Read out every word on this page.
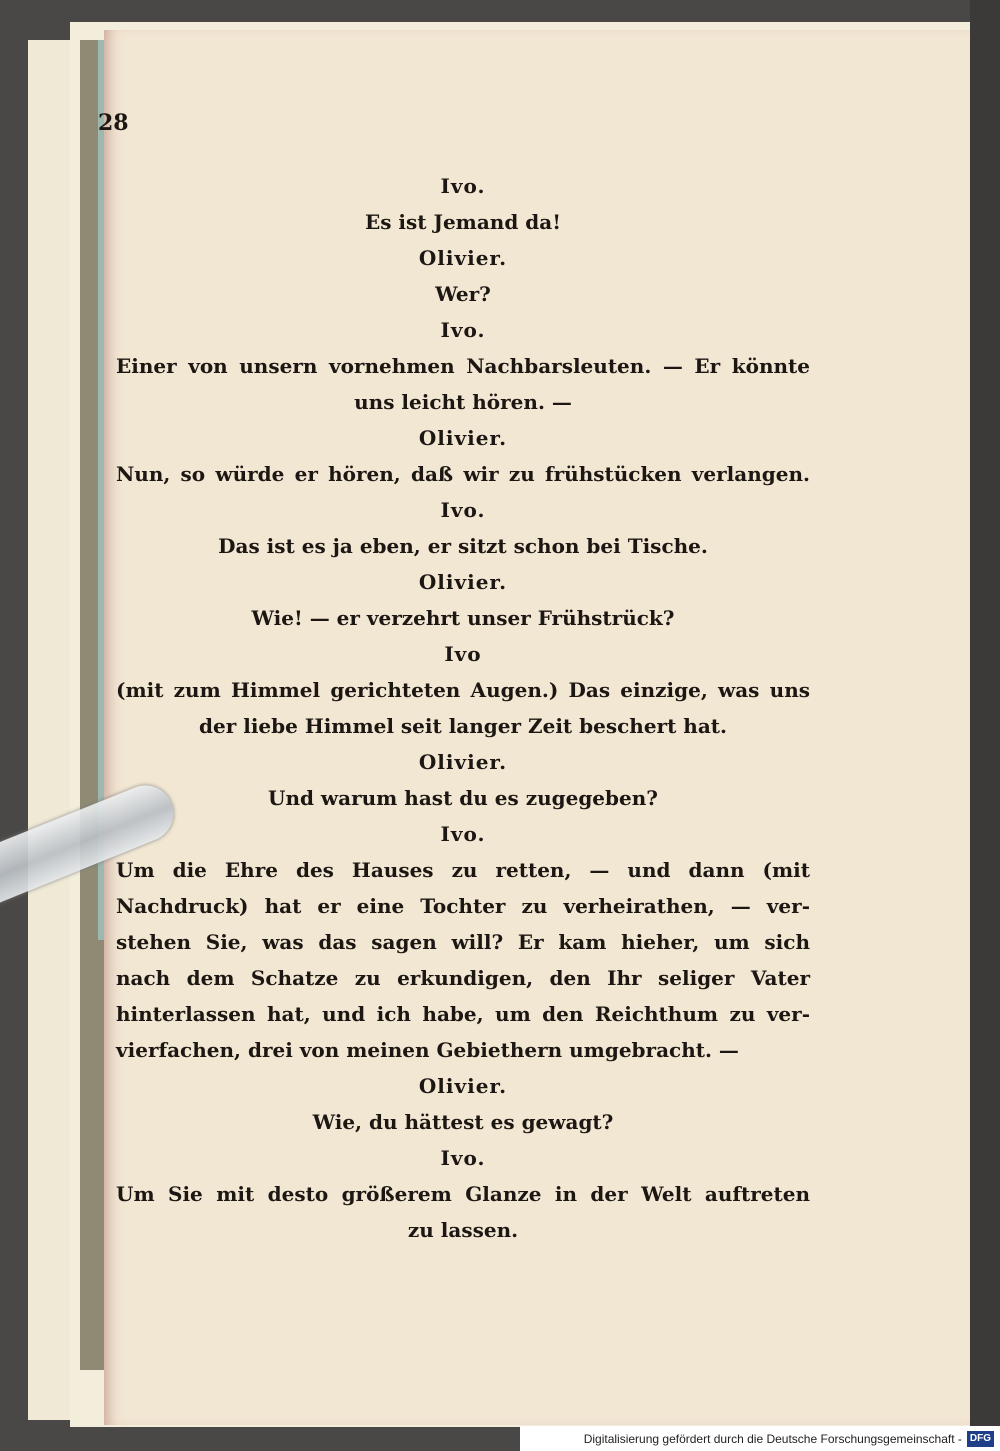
28
Ivo.
Es ist Jemand da!
Olivier.
Wer?
Ivo.
Einer von unsern vornehmen Nachbarsleuten. — Er könnte
uns leicht hören. —
Olivier.
Nun, so würde er hören, daß wir zu frühstücken verlangen.
Ivo.
Das ist es ja eben, er sitzt schon bei Tische.
Olivier.
Wie! — er verzehrt unser Frühstrück?
Ivo
(mit zum Himmel gerichteten Augen.) Das einzige, was uns
der liebe Himmel seit langer Zeit beschert hat.
Olivier.
Und warum hast du es zugegeben?
Ivo.
Um die Ehre des Hauses zu retten, — und dann (mit
Nachdruck) hat er eine Tochter zu verheirathen, — ver-
stehen Sie, was das sagen will? Er kam hieher, um sich
nach dem Schatze zu erkundigen, den Ihr seliger Vater
hinterlassen hat, und ich habe, um den Reichthum zu ver-
vierfachen, drei von meinen Gebiethern umgebracht. —
Olivier.
Wie, du hättest es gewagt?
Ivo.
Um Sie mit desto größerem Glanze in der Welt auftreten
zu lassen.
Digitalisierung gefördert durch die Deutsche Forschungsgemeinschaft - DFG
